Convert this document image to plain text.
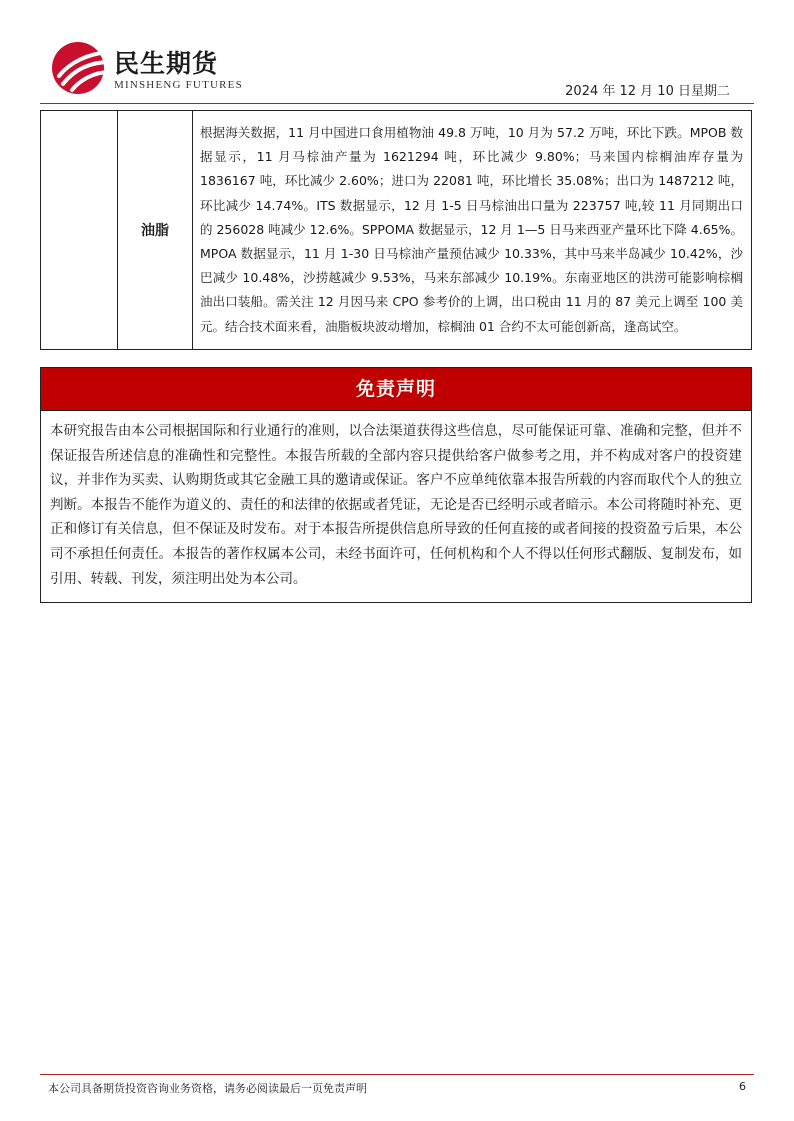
民生期货
MINSHENG FUTURES	2024 年 12 月 10 日星期二
	油脂	根据海关数据，11 月中国进口食用植物油 49.8 万吨，10 月为 57.2 万吨，环比下跌。MPOB 数据显示，11 月马棕油产量为 1621294 吨，环比减少 9.80%；马来国内棕榈油库存量为 1836167 吨，环比减少 2.60%；进口为 22081 吨，环比增长 35.08%；出口为 1487212 吨，环比减少 14.74%。ITS 数据显示，12 月 1-5 日马棕油出口量为 223757 吨,较 11 月同期出口的 256028 吨减少 12.6%。SPPOMA 数据显示，12 月 1—5 日马来西亚产量环比下降 4.65%。MPOA 数据显示，11 月 1-30 日马棕油产量预估减少 10.33%，其中马来半岛减少 10.42%，沙巴减少 10.48%，沙捞越减少 9.53%，马来东部减少 10.19%。东南亚地区的洪涝可能影响棕榈油出口装船。需关注 12 月因马来 CPO 参考价的上调，出口税由 11 月的 87 美元上调至 100 美元。结合技术面来看，油脂板块波动增加，棕榈油 01 合约不太可能创新高，逢高试空。
免责声明
本研究报告由本公司根据国际和行业通行的准则，以合法渠道获得这些信息，尽可能保证可靠、准确和完整，但并不保证报告所述信息的准确性和完整性。本报告所载的全部内容只提供给客户做参考之用，并不构成对客户的投资建议，并非作为买卖、认购期货或其它金融工具的邀请或保证。客户不应单纯依靠本报告所载的内容而取代个人的独立判断。本报告不能作为道义的、责任的和法律的依据或者凭证，无论是否已经明示或者暗示。本公司将随时补充、更正和修订有关信息，但不保证及时发布。对于本报告所提供信息所导致的任何直接的或者间接的投资盈亏后果，本公司不承担任何责任。本报告的著作权属本公司，未经书面许可，任何机构和个人不得以任何形式翻版、复制发布，如引用、转载、刊发，须注明出处为本公司。
本公司具备期货投资咨询业务资格，请务必阅读最后一页免责声明	6
